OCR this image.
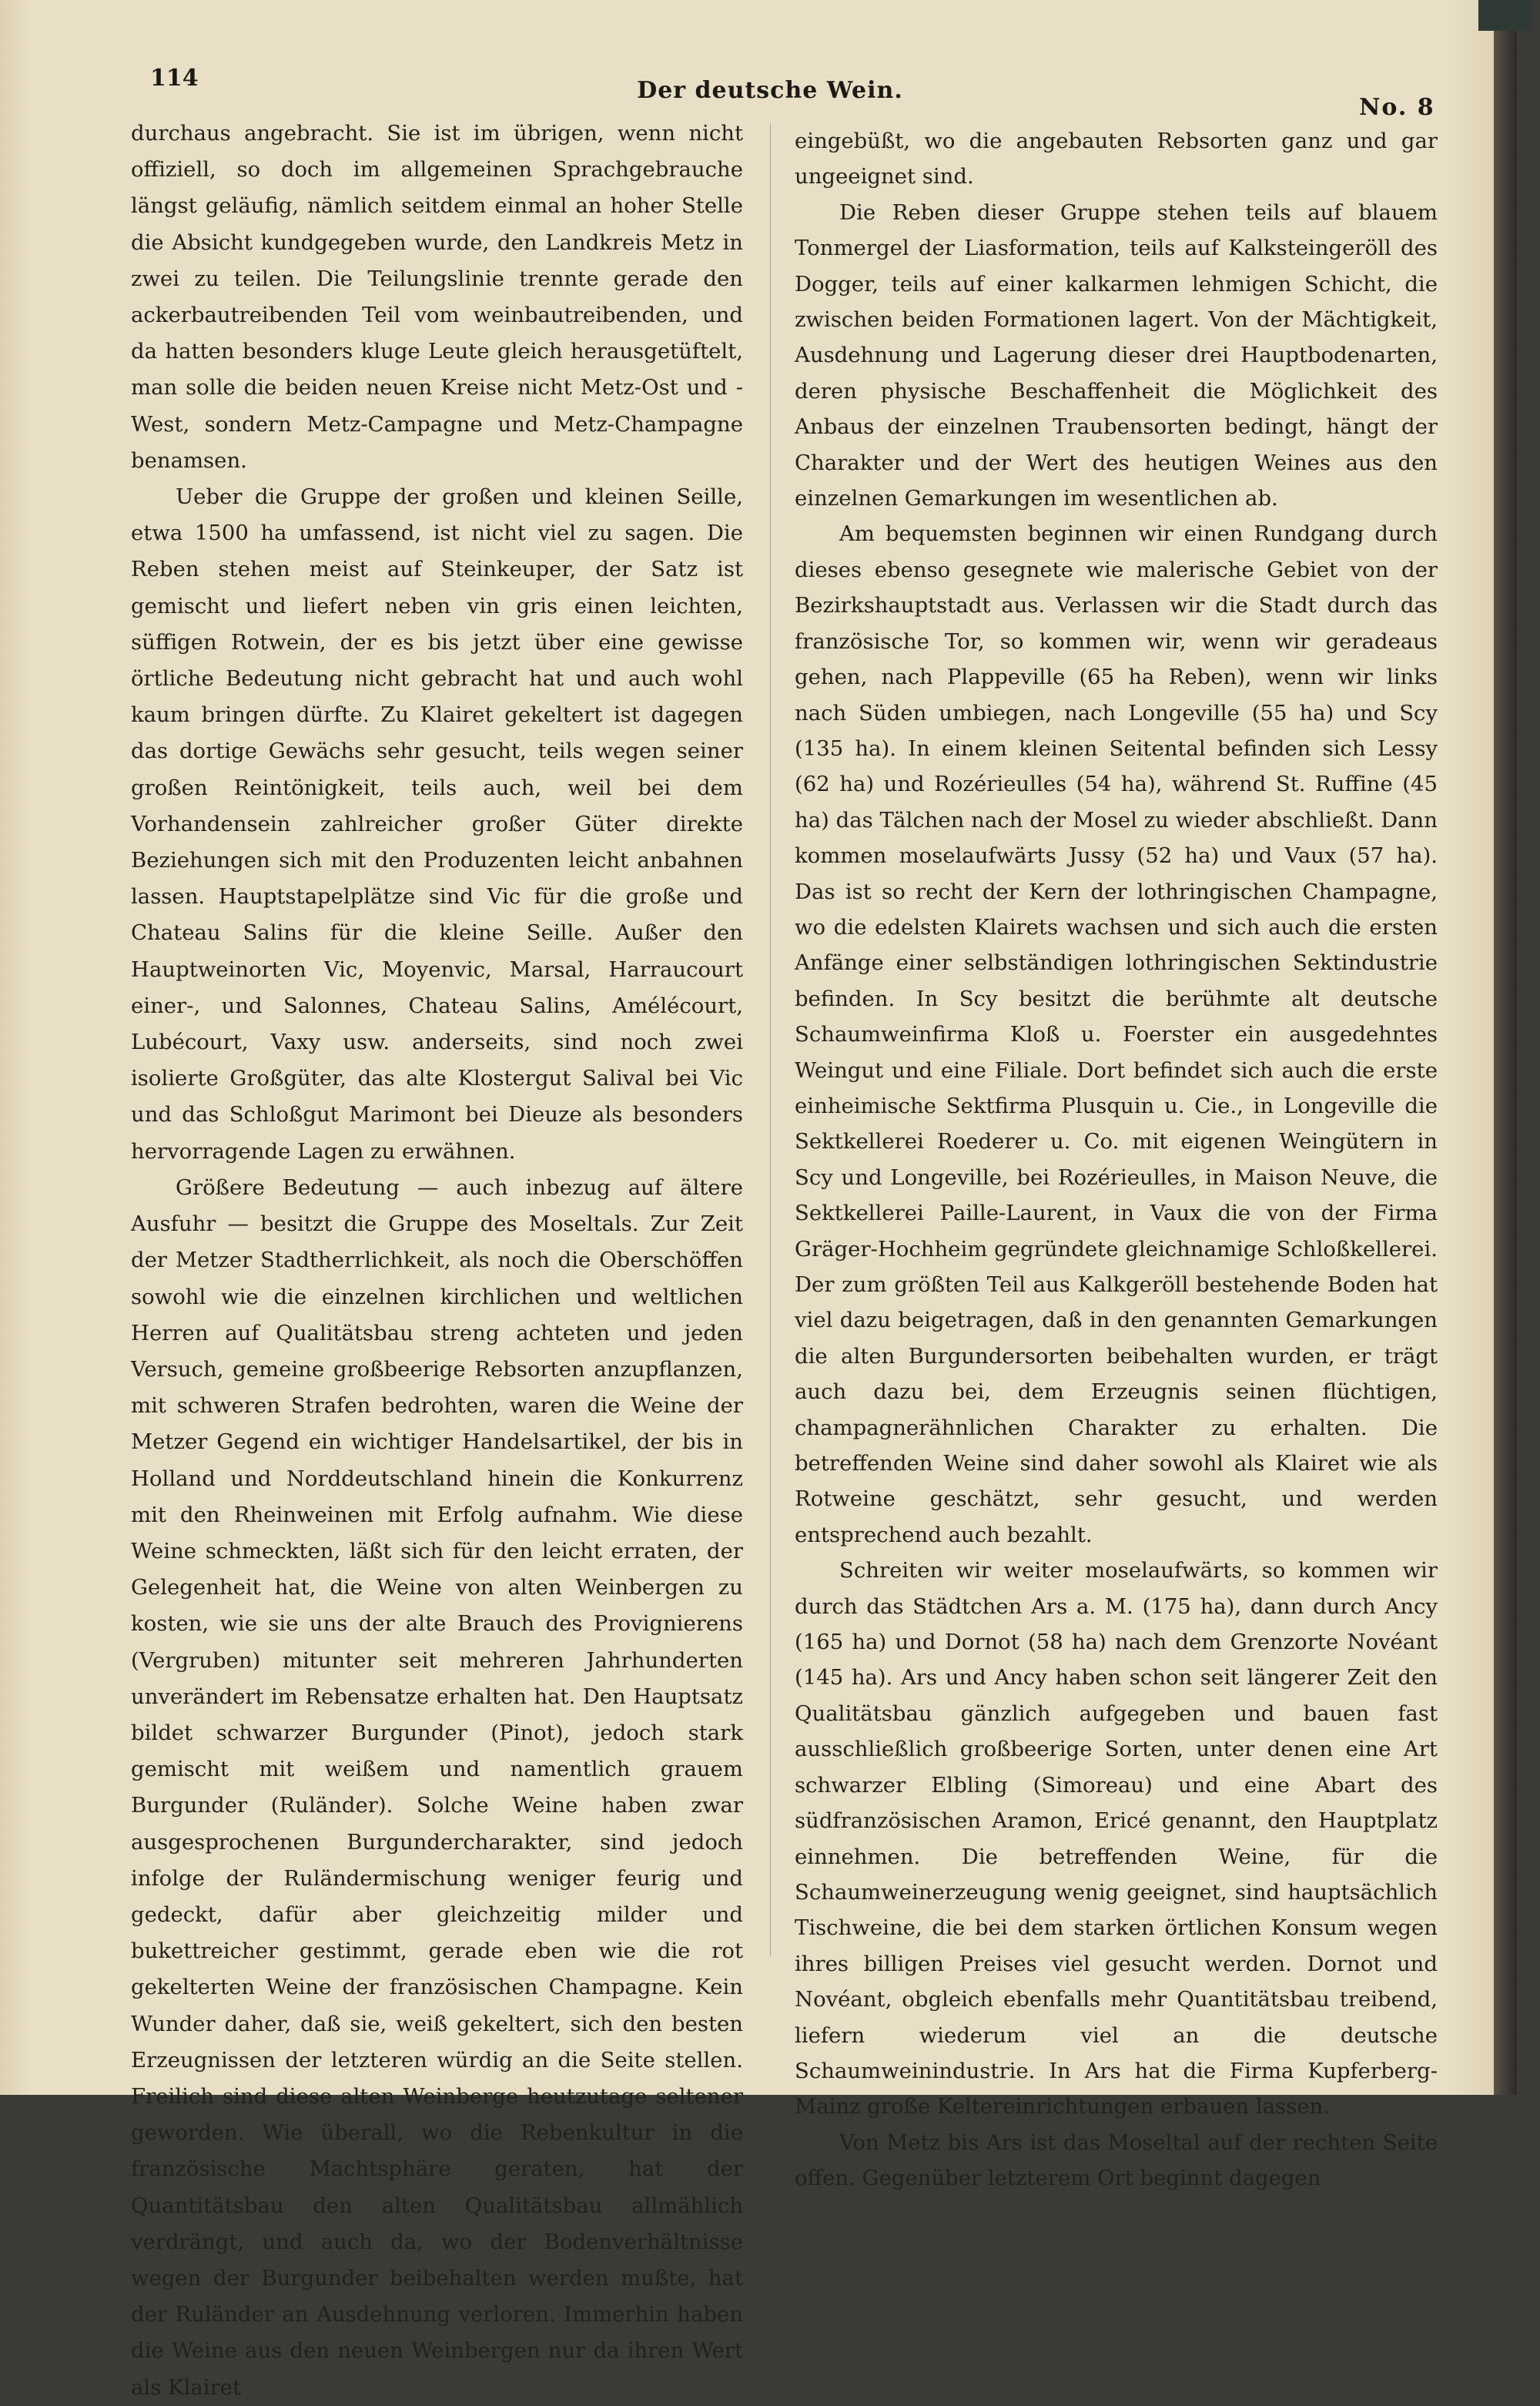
114	Der deutsche Wein.
No. 8

durchaus angebracht. Sie ist im übrigen, wenn nicht offiziell, so doch im allgemeinen Sprachgebrauche längst geläufig, nämlich seitdem einmal an hoher Stelle die Absicht kundgegeben wurde, den Landkreis Metz in zwei zu teilen. Die Teilungslinie trennte gerade den ackerbautreibenden Teil vom weinbautreibenden, und da hatten besonders kluge Leute gleich herausgetüftelt, man solle die beiden neuen Kreise nicht Metz-Ost und -West, sondern Metz-Campagne und Metz-Champagne benamsen.

Ueber die Gruppe der großen und kleinen Seille, etwa 1500 ha umfassend, ist nicht viel zu sagen. Die Reben stehen meist auf Steinkeuper, der Satz ist gemischt und liefert neben vin gris einen leichten, süffigen Rotwein, der es bis jetzt über eine gewisse örtliche Bedeutung nicht gebracht hat und auch wohl kaum bringen dürfte. Zu Klairet gekeltert ist dagegen das dortige Gewächs sehr gesucht, teils wegen seiner großen Reintönigkeit, teils auch, weil bei dem Vorhandensein zahlreicher großer Güter direkte Beziehungen sich mit den Produzenten leicht anbahnen lassen. Hauptstapelplätze sind Vic für die große und Chateau Salins für die kleine Seille. Außer den Hauptweinorten Vic, Moyenvic, Marsal, Harraucourt einer-, und Salonnes, Chateau Salins, Amélécourt, Lubécourt, Vaxy usw. anderseits, sind noch zwei isolierte Großgüter, das alte Klostergut Salival bei Vic und das Schloßgut Marimont bei Dieuze als besonders hervorragende Lagen zu erwähnen.

Größere Bedeutung — auch inbezug auf ältere Ausfuhr — besitzt die Gruppe des Moseltals. Zur Zeit der Metzer Stadtherrlichkeit, als noch die Oberschöffen sowohl wie die einzelnen kirchlichen und weltlichen Herren auf Qualitätsbau streng achteten und jeden Versuch, gemeine großbeerige Rebsorten anzupflanzen, mit schweren Strafen bedrohten, waren die Weine der Metzer Gegend ein wichtiger Handelsartikel, der bis in Holland und Norddeutschland hinein die Konkurrenz mit den Rheinweinen mit Erfolg aufnahm. Wie diese Weine schmeckten, läßt sich für den leicht erraten, der Gelegenheit hat, die Weine von alten Weinbergen zu kosten, wie sie uns der alte Brauch des Provignierens (Vergruben) mitunter seit mehreren Jahrhunderten unverändert im Rebensatze erhalten hat. Den Hauptsatz bildet schwarzer Burgunder (Pinot), jedoch stark gemischt mit weißem und namentlich grauem Burgunder (Ruländer). Solche Weine haben zwar ausgesprochenen Burgundercharakter, sind jedoch infolge der Ruländermischung weniger feurig und gedeckt, dafür aber gleichzeitig milder und bukettreicher gestimmt, gerade eben wie die rot gekelterten Weine der französischen Champagne. Kein Wunder daher, daß sie, weiß gekeltert, sich den besten Erzeugnissen der letzteren würdig an die Seite stellen. Freilich sind diese alten Weinberge heutzutage seltener geworden. Wie überall, wo die Rebenkultur in die französische Machtsphäre geraten, hat der Quantitätsbau den alten Qualitätsbau allmählich verdrängt, und auch da, wo der Bodenverhältnisse wegen der Burgunder beibehalten werden mußte, hat der Ruländer an Ausdehnung verloren. Immerhin haben die Weine aus den neuen Weinbergen nur da ihren Wert als Klairet

eingebüßt, wo die angebauten Rebsorten ganz und gar ungeeignet sind.

Die Reben dieser Gruppe stehen teils auf blauem Tonmergel der Liasformation, teils auf Kalksteingeröll des Dogger, teils auf einer kalkarmen lehmigen Schicht, die zwischen beiden Formationen lagert. Von der Mächtigkeit, Ausdehnung und Lagerung dieser drei Hauptbodenarten, deren physische Beschaffenheit die Möglichkeit des Anbaus der einzelnen Traubensorten bedingt, hängt der Charakter und der Wert des heutigen Weines aus den einzelnen Gemarkungen im wesentlichen ab.

Am bequemsten beginnen wir einen Rundgang durch dieses ebenso gesegnete wie malerische Gebiet von der Bezirkshauptstadt aus. Verlassen wir die Stadt durch das französische Tor, so kommen wir, wenn wir geradeaus gehen, nach Plappeville (65 ha Reben), wenn wir links nach Süden umbiegen, nach Longeville (55 ha) und Scy (135 ha). In einem kleinen Seitental befinden sich Lessy (62 ha) und Rozérieulles (54 ha), während St. Ruffine (45 ha) das Tälchen nach der Mosel zu wieder abschließt. Dann kommen moselaufwärts Jussy (52 ha) und Vaux (57 ha). Das ist so recht der Kern der lothringischen Champagne, wo die edelsten Klairets wachsen und sich auch die ersten Anfänge einer selbständigen lothringischen Sektindustrie befinden. In Scy besitzt die berühmte alt deutsche Schaumweinfirma Kloß u. Foerster ein ausgedehntes Weingut und eine Filiale. Dort befindet sich auch die erste einheimische Sektfirma Plusquin u. Cie., in Longeville die Sektkellerei Roederer u. Co. mit eigenen Weingütern in Scy und Longeville, bei Rozérieulles, in Maison Neuve, die Sektkellerei Paille-Laurent, in Vaux die von der Firma Gräger-Hochheim gegründete gleichnamige Schloßkellerei. Der zum größten Teil aus Kalkgeröll bestehende Boden hat viel dazu beigetragen, daß in den genannten Gemarkungen die alten Burgundersorten beibehalten wurden, er trägt auch dazu bei, dem Erzeugnis seinen flüchtigen, champagnerähnlichen Charakter zu erhalten. Die betreffenden Weine sind daher sowohl als Klairet wie als Rotweine geschätzt, sehr gesucht, und werden entsprechend auch bezahlt.

Schreiten wir weiter moselaufwärts, so kommen wir durch das Städtchen Ars a. M. (175 ha), dann durch Ancy (165 ha) und Dornot (58 ha) nach dem Grenzorte Novéant (145 ha). Ars und Ancy haben schon seit längerer Zeit den Qualitätsbau gänzlich aufgegeben und bauen fast ausschließlich großbeerige Sorten, unter denen eine Art schwarzer Elbling (Simoreau) und eine Abart des südfranzösischen Aramon, Ericé genannt, den Hauptplatz einnehmen. Die betreffenden Weine, für die Schaumweinerzeugung wenig geeignet, sind hauptsächlich Tischweine, die bei dem starken örtlichen Konsum wegen ihres billigen Preises viel gesucht werden. Dornot und Novéant, obgleich ebenfalls mehr Quantitätsbau treibend, liefern wiederum viel an die deutsche Schaumweinindustrie. In Ars hat die Firma Kupferberg-Mainz große Keltereinrichtungen erbauen lassen.

Von Metz bis Ars ist das Moseltal auf der rechten Seite offen. Gegenüber letzterem Ort beginnt dagegen
